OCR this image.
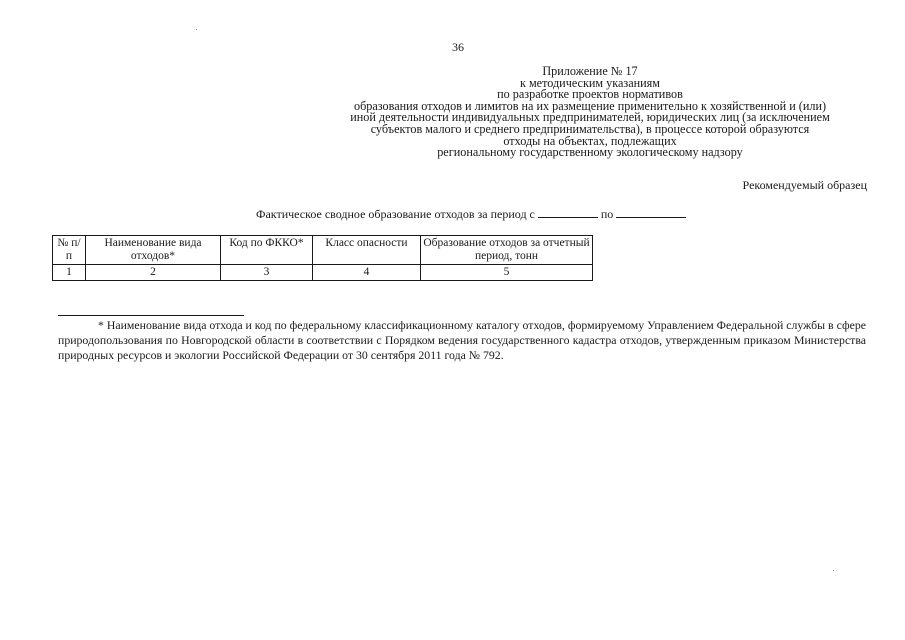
36
Приложение № 17
к методическим указаниям
по разработке проектов нормативов
образования отходов и лимитов на их размещение применительно к хозяйственной и (или)
иной деятельности индивидуальных предпринимателей, юридических лиц (за исключением
субъектов малого и среднего предпринимательства), в процессе которой образуются
отходы на объектах, подлежащих
региональному государственному экологическому надзору
Рекомендуемый образец
Фактическое сводное образование отходов за период с	по
№ п/п	Наименование вида отходов*	Код по ФККО*	Класс опасности	Образование отходов за отчетный период, тонн
1	2	3	4	5
* Наименование вида отхода и код по федеральному классификационному каталогу отходов, формируемому Управлением Федеральной службы в сфере природопользования по Новгородской области в соответствии с Порядком ведения государственного кадастра отходов, утвержденным приказом Министерства природных ресурсов и экологии Российской Федерации от 30 сентября 2011 года № 792.
